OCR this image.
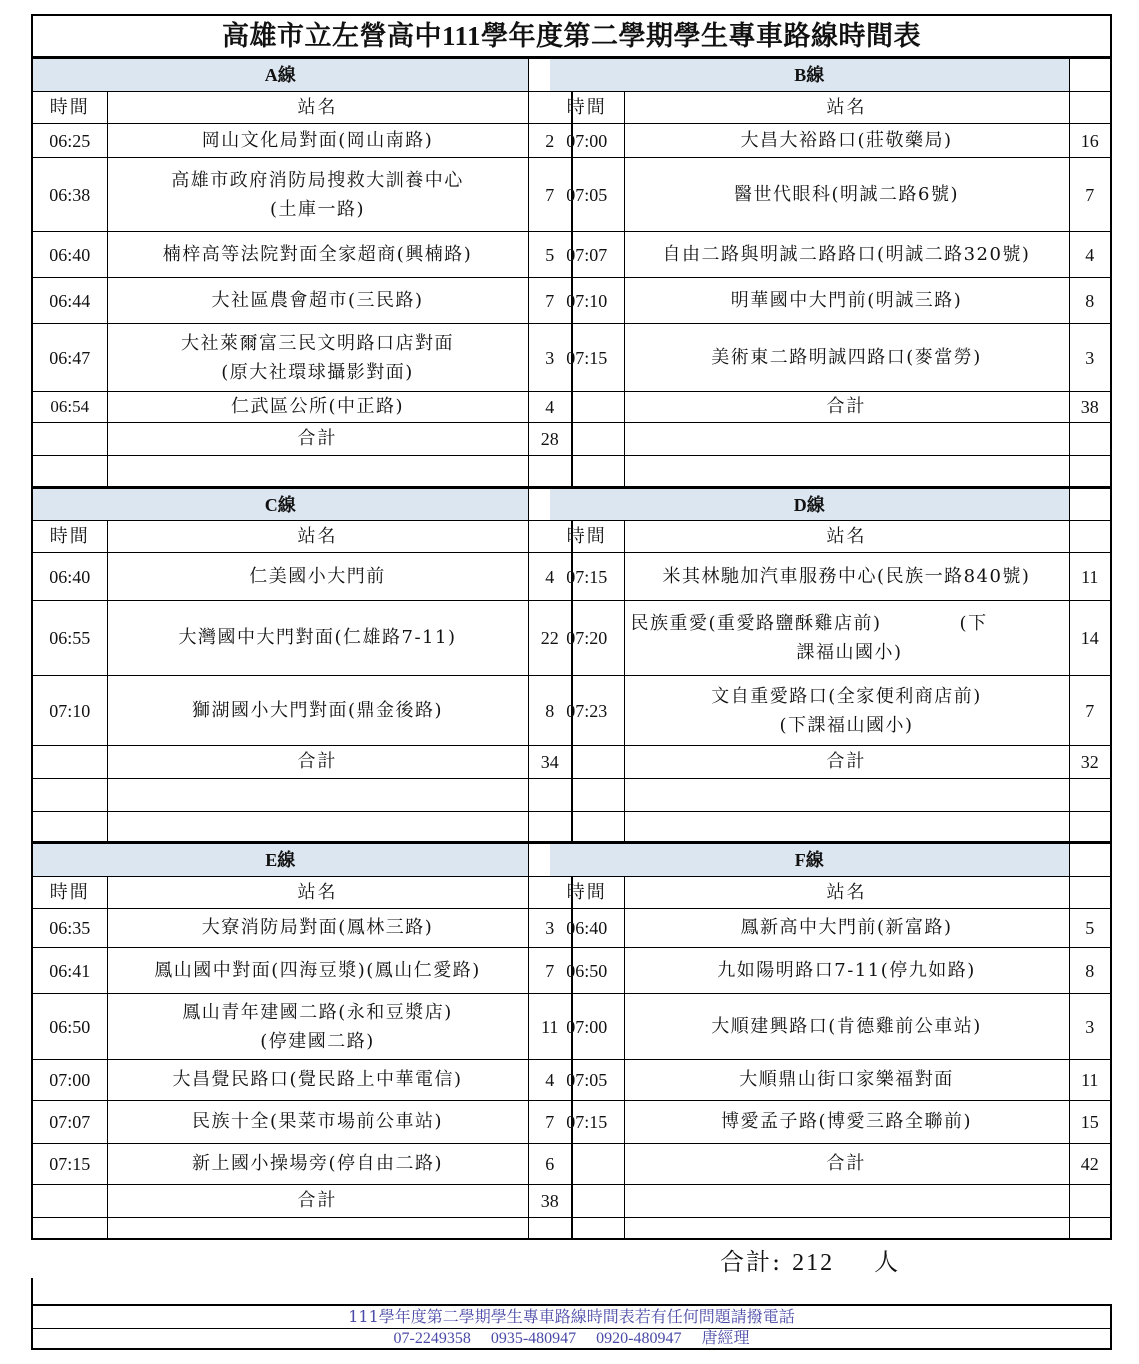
高雄市立左營高中111學年度第二學期學生專車路線時間表
A線		
時間	站名	
06:25	岡山文化局對面(岡山南路)	2
06:38	高雄市政府消防局搜救大訓養中心
(土庫一路)	7
06:40	楠梓高等法院對面全家超商(興楠路)	5
06:44	大社區農會超市(三民路)	7
06:47	大社萊爾富三民文明路口店對面
(原大社環球攝影對面)	3
06:54	仁武區公所(中正路)	4
	合計	28

B線		
時間	站名	
07:00	大昌大裕路口(莊敬藥局)	16
07:05	醫世代眼科(明誠二路6號)	7
07:07	自由二路與明誠二路路口(明誠二路320號)	4
07:10	明華國中大門前(明誠三路)	8
07:15	美術東二路明誠四路口(麥當勞)	3
	合計	38

C線		
時間	站名	
06:40	仁美國小大門前	4
06:55	大灣國中大門對面(仁雄路7-11)	22
07:10	獅湖國小大門對面(鼎金後路)	8
	合計	34

D線		
時間	站名	
07:15	米其林馳加汽車服務中心(民族一路840號)	11
07:20	民族重愛(重愛路鹽酥雞店前)　　　　(下
課福山國小)	14
07:23	文自重愛路口(全家便利商店前)
(下課福山國小)	7
	合計	32

E線		
時間	站名	
06:35	大寮消防局對面(鳳林三路)	3
06:41	鳳山國中對面(四海豆漿)(鳳山仁愛路)	7
06:50	鳳山青年建國二路(永和豆漿店)
(停建國二路)	11
07:00	大昌覺民路口(覺民路上中華電信)	4
07:07	民族十全(果菜市場前公車站)	7
07:15	新上國小操場旁(停自由二路)	6
	合計	38

F線		
時間	站名	
06:40	鳳新高中大門前(新富路)	5
06:50	九如陽明路口7-11(停九如路)	8
07:00	大順建興路口(肯德雞前公車站)	3
07:05	大順鼎山街口家樂福對面	11
07:15	博愛孟子路(博愛三路全聯前)	15
	合計	42

合計: 212 人
111學年度第二學期學生專車路線時間表若有任何問題請撥電話
07-2249358 0935-480947 0920-480947 唐經理
